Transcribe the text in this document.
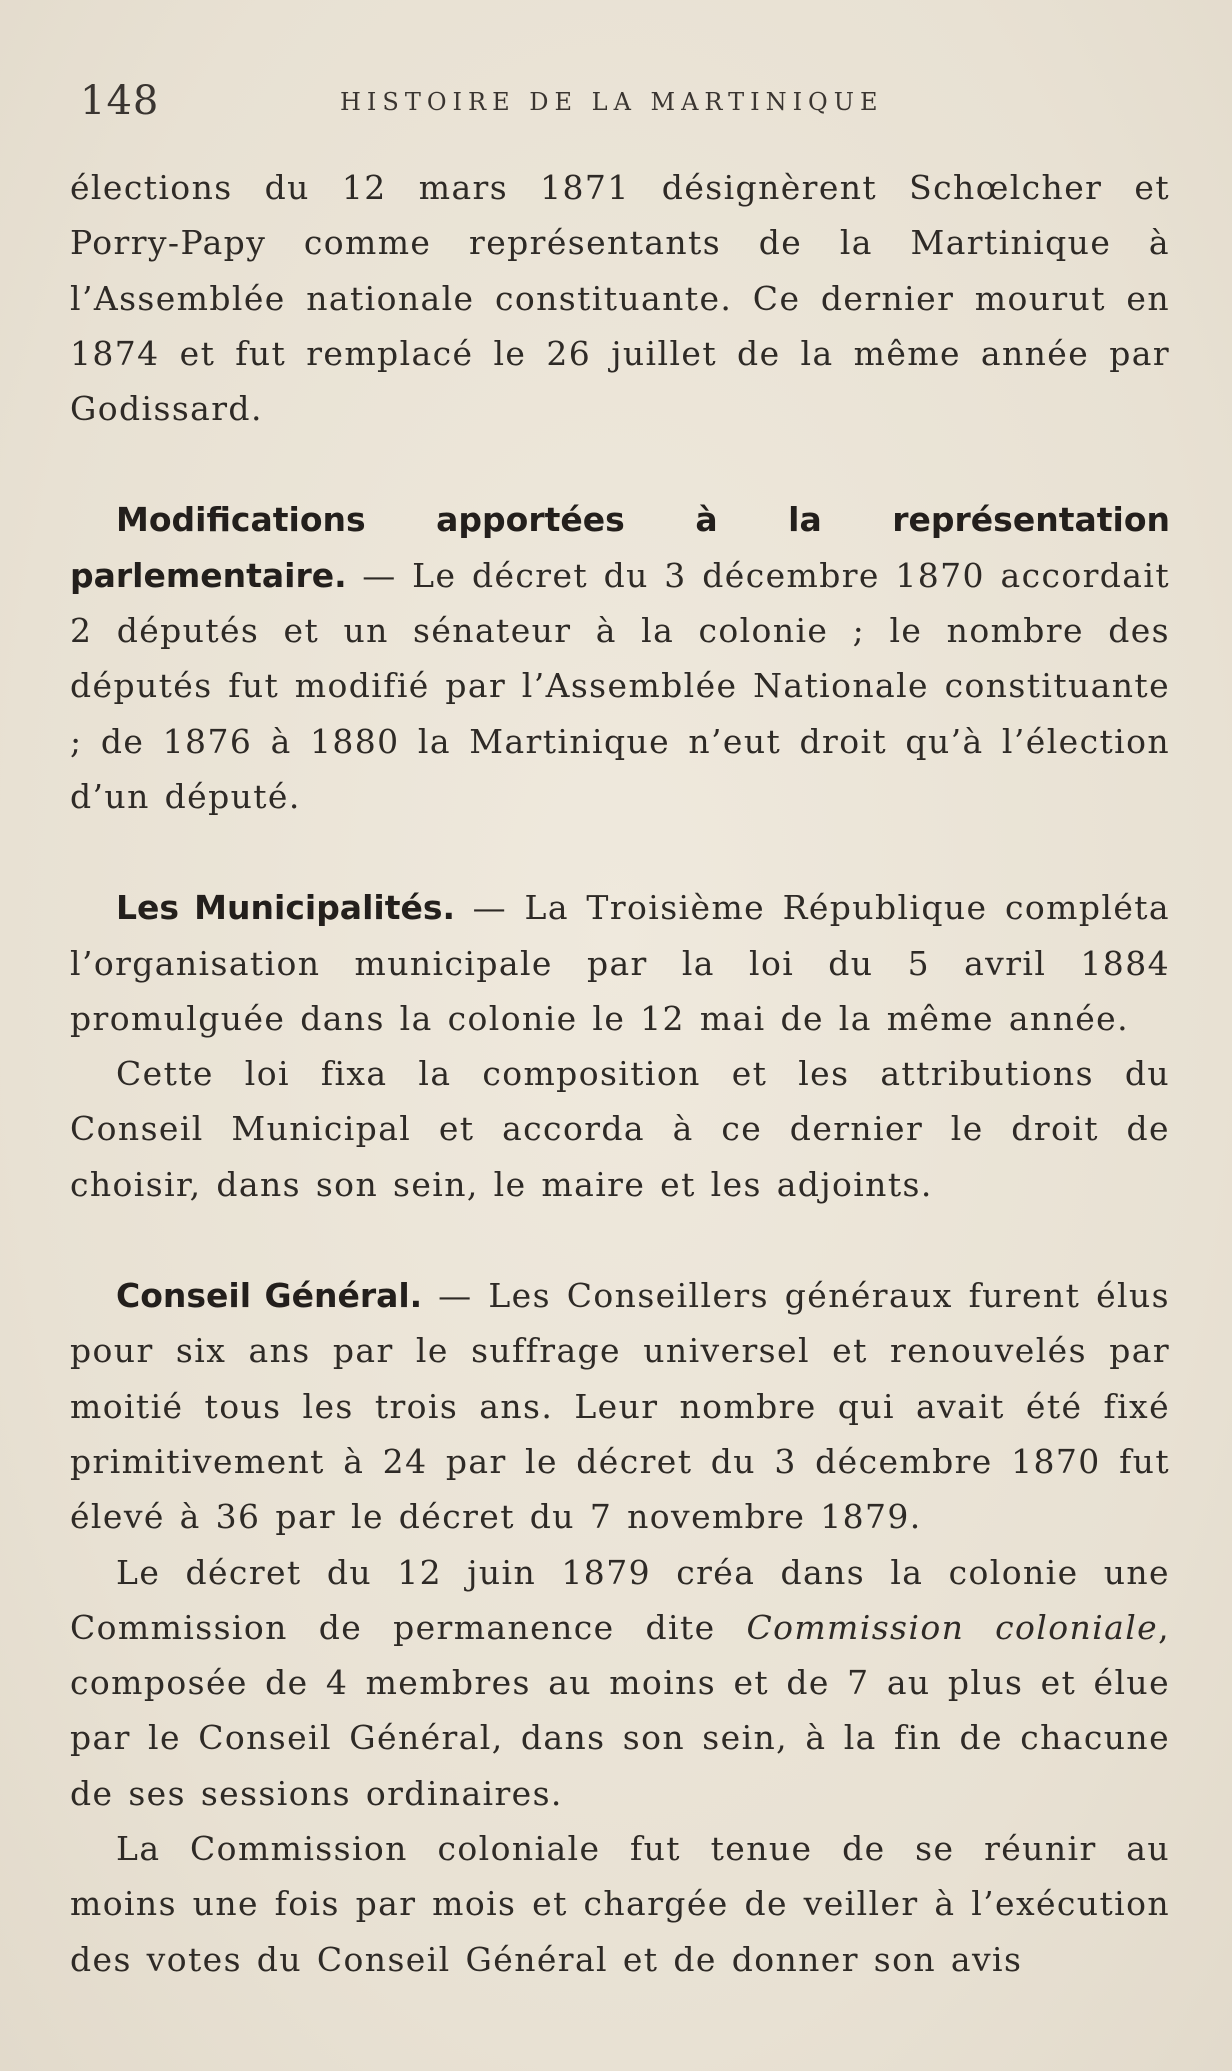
148	HISTOIRE DE LA MARTINIQUE

élections du 12 mars 1871 désignèrent Schœlcher et Porry-Papy comme représentants de la Martinique à l’Assemblée nationale constituante. Ce dernier mourut en 1874 et fut remplacé le 26 juillet de la même année par Godissard.

Modifications apportées à la représentation parlementaire. — Le décret du 3 décembre 1870 accordait 2 députés et un sénateur à la colonie ; le nombre des députés fut modifié par l’Assemblée Nationale constituante ; de 1876 à 1880 la Martinique n’eut droit qu’à l’élection d’un député.

Les Municipalités. — La Troisième République compléta l’organisation municipale par la loi du 5 avril 1884 promulguée dans la colonie le 12 mai de la même année.

Cette loi fixa la composition et les attributions du Conseil Municipal et accorda à ce dernier le droit de choisir, dans son sein, le maire et les adjoints.

Conseil Général. — Les Conseillers généraux furent élus pour six ans par le suffrage universel et renouvelés par moitié tous les trois ans. Leur nombre qui avait été fixé primitivement à 24 par le décret du 3 décembre 1870 fut élevé à 36 par le décret du 7 novembre 1879.

Le décret du 12 juin 1879 créa dans la colonie une Commission de permanence dite Commission coloniale, composée de 4 membres au moins et de 7 au plus et élue par le Conseil Général, dans son sein, à la fin de chacune de ses sessions ordinaires.

La Commission coloniale fut tenue de se réunir au moins une fois par mois et chargée de veiller à l’exécution des votes du Conseil Général et de donner son avis
